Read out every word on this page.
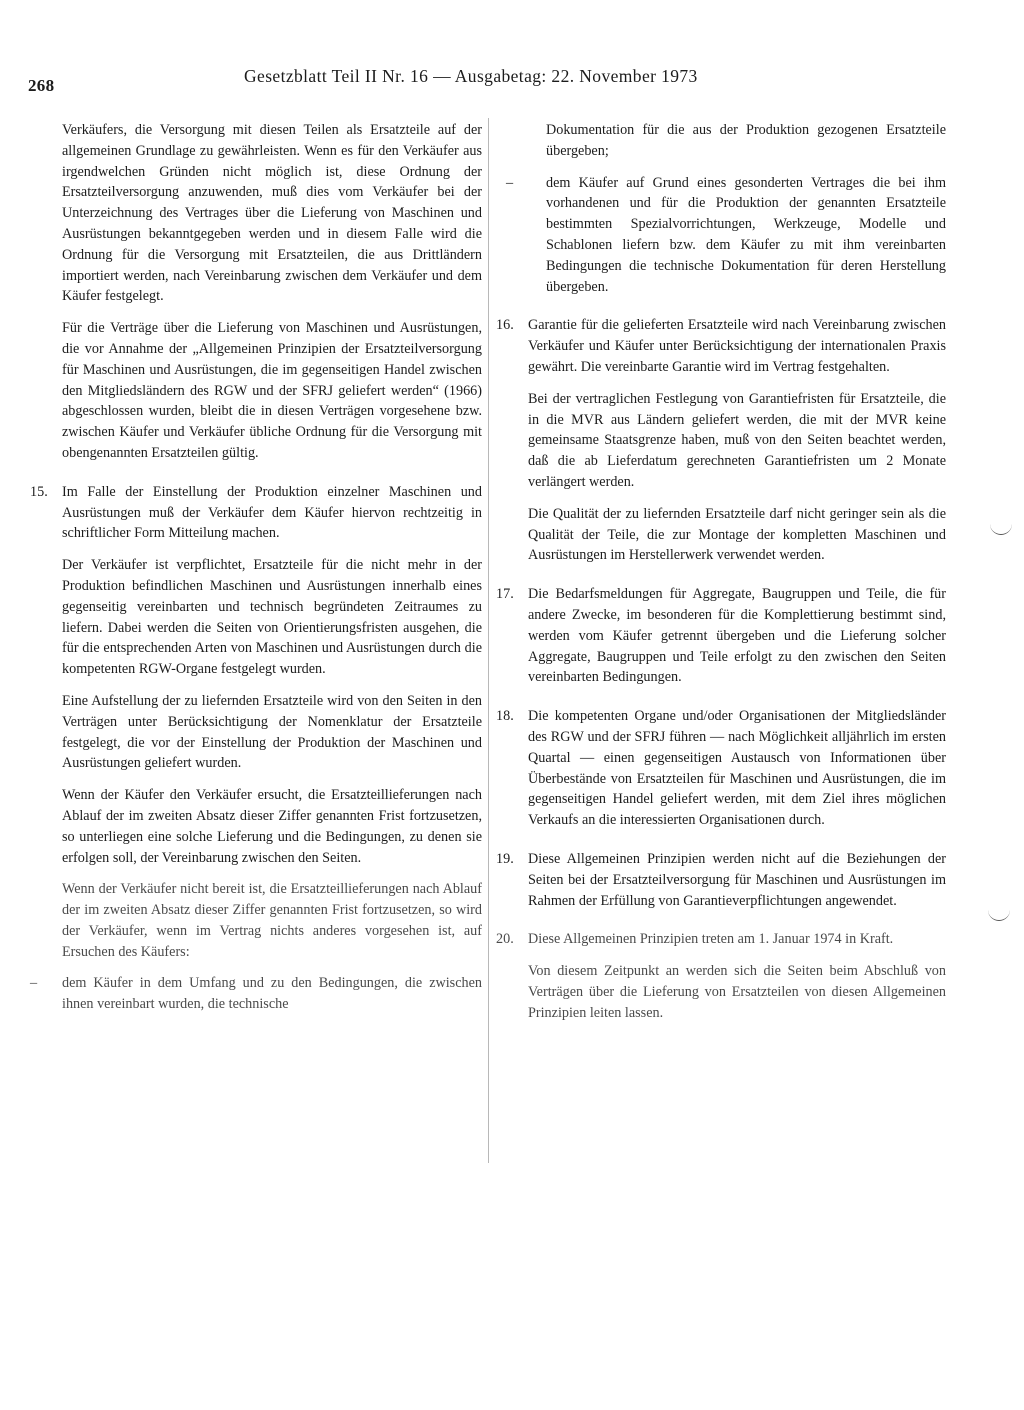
268	Gesetzblatt Teil II Nr. 16 — Ausgabetag: 22. November 1973

Verkäufers, die Versorgung mit diesen Teilen als Ersatzteile auf der allgemeinen Grundlage zu gewährleisten. Wenn es für den Verkäufer aus irgendwelchen Gründen nicht möglich ist, diese Ordnung der Ersatzteilversorgung anzuwenden, muß dies vom Verkäufer bei der Unterzeichnung des Vertrages über die Lieferung von Maschinen und Ausrüstungen bekanntgegeben werden und in diesem Falle wird die Ordnung für die Versorgung mit Ersatzteilen, die aus Drittländern importiert werden, nach Vereinbarung zwischen dem Verkäufer und dem Käufer festgelegt.

Für die Verträge über die Lieferung von Maschinen und Ausrüstungen, die vor Annahme der „Allgemeinen Prinzipien der Ersatzteilversorgung für Maschinen und Ausrüstungen, die im gegenseitigen Handel zwischen den Mitgliedsländern des RGW und der SFRJ geliefert werden“ (1966) abgeschlossen wurden, bleibt die in diesen Verträgen vorgesehene bzw. zwischen Käufer und Verkäufer übliche Ordnung für die Versorgung mit obengenannten Ersatzteilen gültig.

15. Im Falle der Einstellung der Produktion einzelner Maschinen und Ausrüstungen muß der Verkäufer dem Käufer hiervon rechtzeitig in schriftlicher Form Mitteilung machen.

Der Verkäufer ist verpflichtet, Ersatzteile für die nicht mehr in der Produktion befindlichen Maschinen und Ausrüstungen innerhalb eines gegenseitig vereinbarten und technisch begründeten Zeitraumes zu liefern. Dabei werden die Seiten von Orientierungsfristen ausgehen, die für die entsprechenden Arten von Maschinen und Ausrüstungen durch die kompetenten RGW-Organe festgelegt wurden.

Eine Aufstellung der zu liefernden Ersatzteile wird von den Seiten in den Verträgen unter Berücksichtigung der Nomenklatur der Ersatzteile festgelegt, die vor der Einstellung der Produktion der Maschinen und Ausrüstungen geliefert wurden.

Wenn der Käufer den Verkäufer ersucht, die Ersatzteillieferungen nach Ablauf der im zweiten Absatz dieser Ziffer genannten Frist fortzusetzen, so unterliegen eine solche Lieferung und die Bedingungen, zu denen sie erfolgen soll, der Vereinbarung zwischen den Seiten.

Wenn der Verkäufer nicht bereit ist, die Ersatzteillieferungen nach Ablauf der im zweiten Absatz dieser Ziffer genannten Frist fortzusetzen, so wird der Verkäufer, wenn im Vertrag nichts anderes vorgesehen ist, auf Ersuchen des Käufers:

– dem Käufer in dem Umfang und zu den Bedingungen, die zwischen ihnen vereinbart wurden, die technische
Dokumentation für die aus der Produktion gezogenen Ersatzteile übergeben;
– dem Käufer auf Grund eines gesonderten Vertrages die bei ihm vorhandenen und für die Produktion der genannten Ersatzteile bestimmten Spezialvorrichtungen, Werkzeuge, Modelle und Schablonen liefern bzw. dem Käufer zu mit ihm vereinbarten Bedingungen die technische Dokumentation für deren Herstellung übergeben.
16. Garantie für die gelieferten Ersatzteile wird nach Vereinbarung zwischen Verkäufer und Käufer unter Berücksichtigung der internationalen Praxis gewährt. Die vereinbarte Garantie wird im Vertrag festgehalten.

Bei der vertraglichen Festlegung von Garantiefristen für Ersatzteile, die in die MVR aus Ländern geliefert werden, die mit der MVR keine gemeinsame Staatsgrenze haben, muß von den Seiten beachtet werden, daß die ab Lieferdatum gerechneten Garantiefristen um 2 Monate verlängert werden.

Die Qualität der zu liefernden Ersatzteile darf nicht geringer sein als die Qualität der Teile, die zur Montage der kompletten Maschinen und Ausrüstungen im Herstellerwerk verwendet werden.

17. Die Bedarfsmeldungen für Aggregate, Baugruppen und Teile, die für andere Zwecke, im besonderen für die Komplettierung bestimmt sind, werden vom Käufer getrennt übergeben und die Lieferung solcher Aggregate, Baugruppen und Teile erfolgt zu den zwischen den Seiten vereinbarten Bedingungen.

18. Die kompetenten Organe und/oder Organisationen der Mitgliedsländer des RGW und der SFRJ führen — nach Möglichkeit alljährlich im ersten Quartal — einen gegenseitigen Austausch von Informationen über Überbestände von Ersatzteilen für Maschinen und Ausrüstungen, die im gegenseitigen Handel geliefert werden, mit dem Ziel ihres möglichen Verkaufs an die interessierten Organisationen durch.

19. Diese Allgemeinen Prinzipien werden nicht auf die Beziehungen der Seiten bei der Ersatzteilversorgung für Maschinen und Ausrüstungen im Rahmen der Erfüllung von Garantieverpflichtungen angewendet.

20. Diese Allgemeinen Prinzipien treten am 1. Januar 1974 in Kraft.

Von diesem Zeitpunkt an werden sich die Seiten beim Abschluß von Verträgen über die Lieferung von Ersatzteilen von diesen Allgemeinen Prinzipien leiten lassen.
